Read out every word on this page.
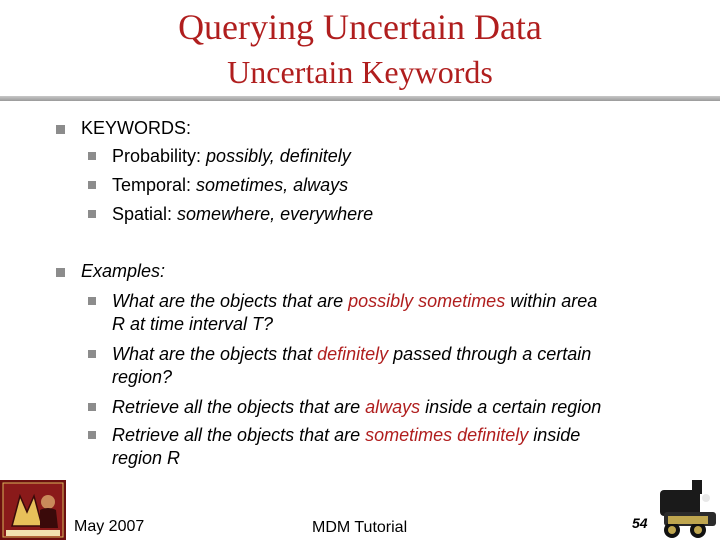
Querying Uncertain Data
Uncertain Keywords
KEYWORDS:
Probability: possibly, definitely
Temporal: sometimes, always
Spatial: somewhere, everywhere
Examples:
What are the objects that are possibly sometimes within area
R at time interval T?
What are the objects that definitely passed through a certain
region?
Retrieve all the objects that are always inside a certain region
Retrieve all the objects that are sometimes definitely inside
region R
May 2007	MDM Tutorial	54
